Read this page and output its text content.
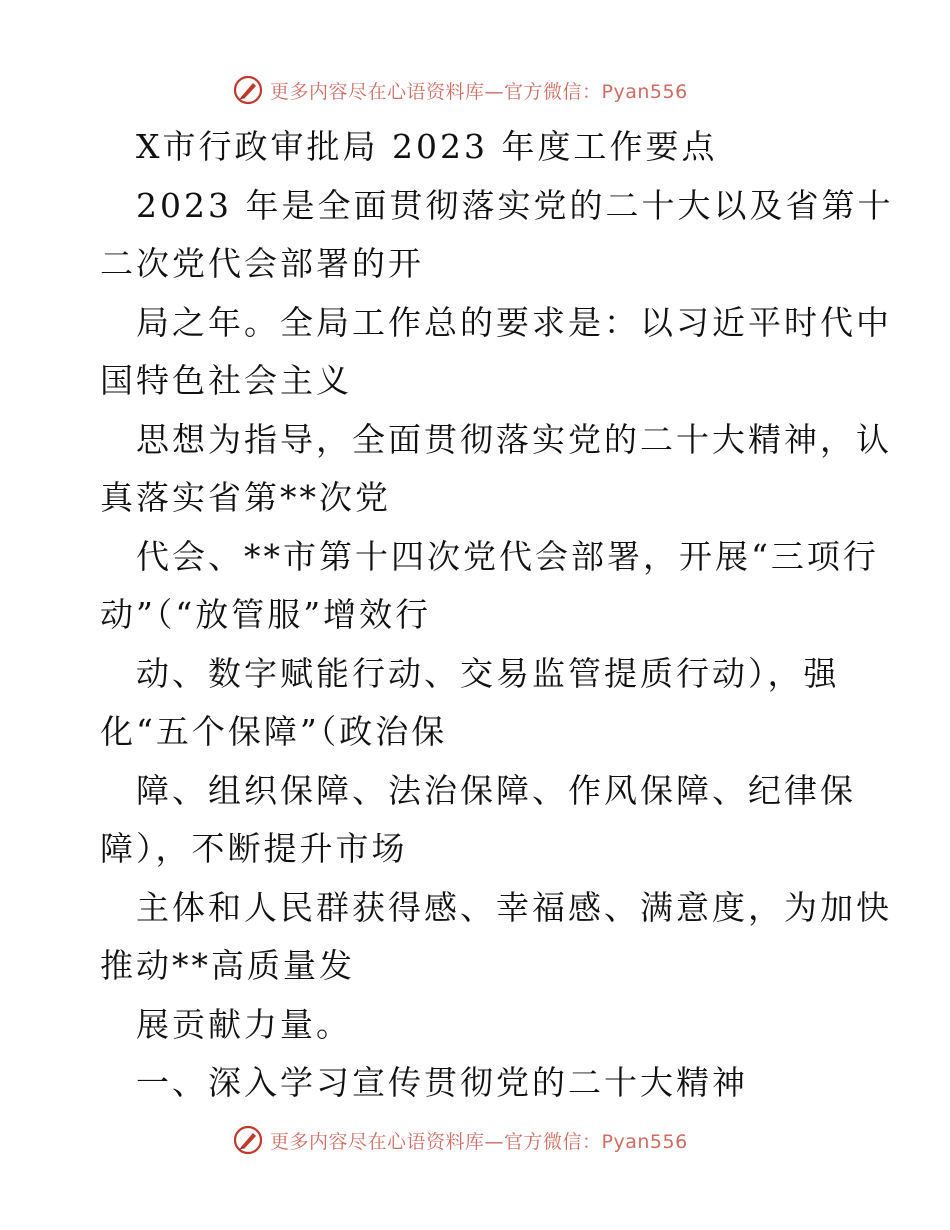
更多内容尽在心语资料库—官方微信：Pyan556

X市行政审批局 2023 年度工作要点

2023 年是全面贯彻落实党的二十大以及省第十

二次党代会部署的开

局之年。全局工作总的要求是：以习近平时代中

国特色社会主义

思想为指导，全面贯彻落实党的二十大精神，认

真落实省第**次党

代会、**市第十四次党代会部署，开展“三项行

动”（“放管服”增效行

动、数字赋能行动、交易监管提质行动），强

化“五个保障”（政治保

障、组织保障、法治保障、作风保障、纪律保

障），不断提升市场

主体和人民群获得感、幸福感、满意度，为加快

推动**高质量发

展贡献力量。

一、深入学习宣传贯彻党的二十大精神

更多内容尽在心语资料库—官方微信：Pyan556
